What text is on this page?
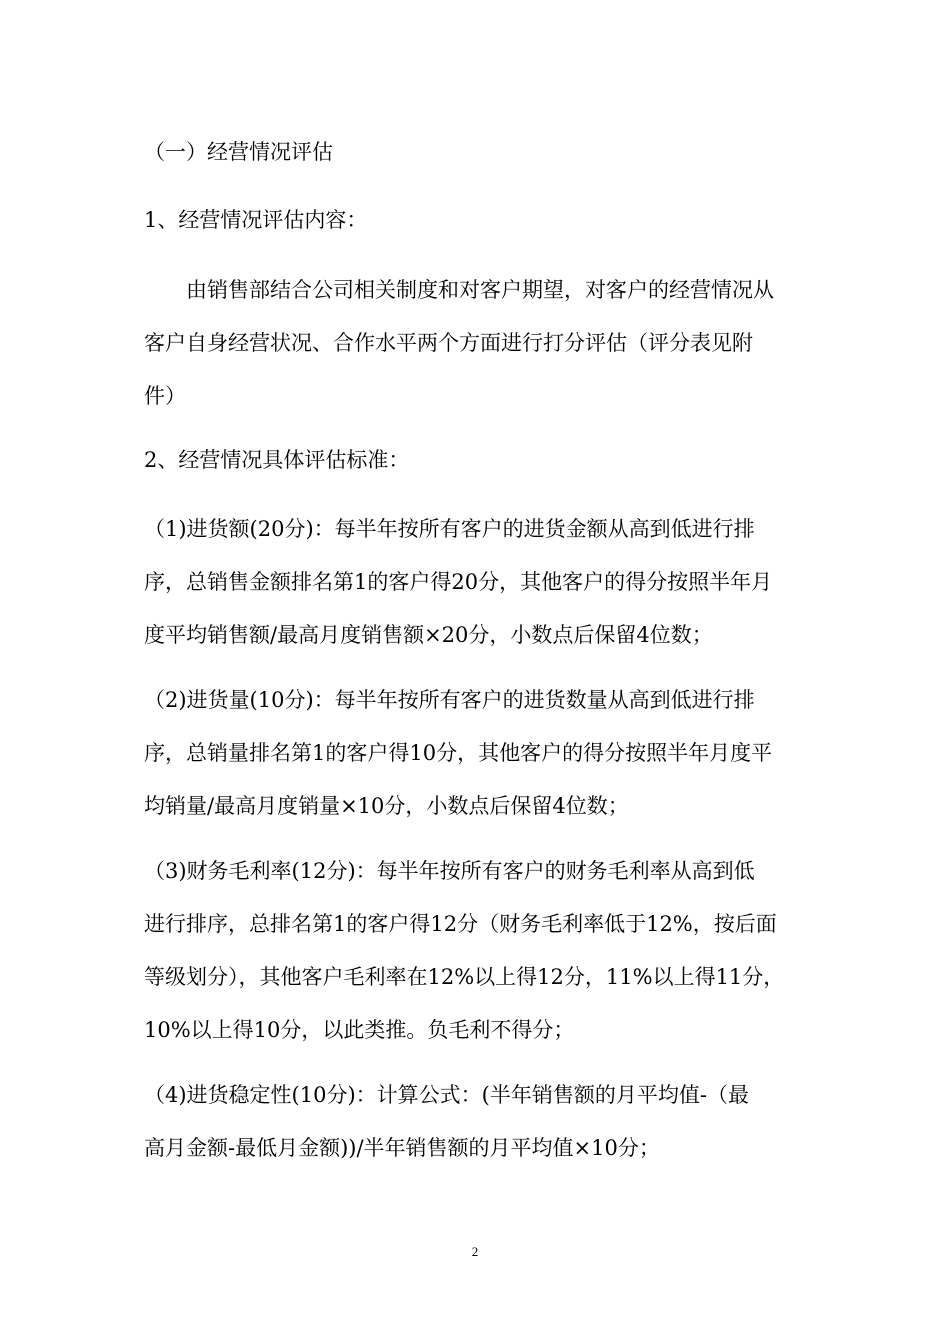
（一）经营情况评估

1、经营情况评估内容：

　　由销售部结合公司相关制度和对客户期望，对客户的经营情况从
客户自身经营状况、合作水平两个方面进行打分评估（评分表见附
件）

2、经营情况具体评估标准：

（1)进货额(20分)：每半年按所有客户的进货金额从高到低进行排
序，总销售金额排名第1的客户得20分，其他客户的得分按照半年月
度平均销售额/最高月度销售额×20分，小数点后保留4位数；

（2)进货量(10分)：每半年按所有客户的进货数量从高到低进行排
序，总销量排名第1的客户得10分，其他客户的得分按照半年月度平
均销量/最高月度销量×10分，小数点后保留4位数；

（3)财务毛利率(12分)：每半年按所有客户的财务毛利率从高到低
进行排序，总排名第1的客户得12分（财务毛利率低于12%，按后面
等级划分），其他客户毛利率在12%以上得12分，11%以上得11分，
10%以上得10分，以此类推。负毛利不得分；

（4)进货稳定性(10分)：计算公式：(半年销售额的月平均值-（最
高月金额-最低月金额))/半年销售额的月平均值×10分；

2
